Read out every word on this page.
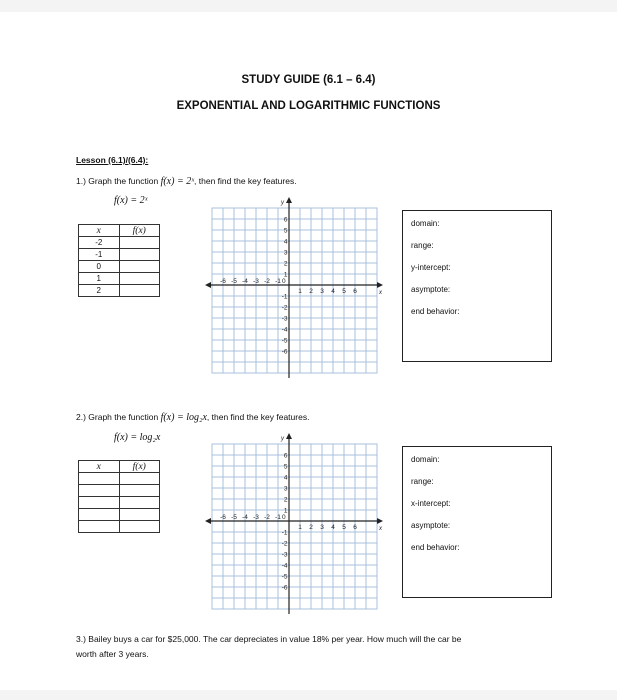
STUDY GUIDE (6.1 – 6.4)
EXPONENTIAL AND LOGARITHMIC FUNCTIONS
Lesson (6.1)/(6.4):
1.) Graph the function f(x) = 2ˣ, then find the key features.
f(x) = 2ˣ
x	f(x)
-2	
-1	
0	
1	
2	
y
x
0
-6 -5 -4 -3 -2 -1
1 2 3 4 5 6
6
5
4
3
2
1
-1
-2
-3
-4
-5
-6
domain:
range:
y-intercept:
asymptote:
end behavior:
2.) Graph the function f(x) = log₂x, then find the key features.
f(x) = log₂x
x	f(x)

y
x
0
-6 -5 -4 -3 -2 -1
1 2 3 4 5 6
6
5
4
3
2
1
-1
-2
-3
-4
-5
-6
domain:
range:
x-intercept:
asymptote:
end behavior:
3.) Bailey buys a car for $25,000. The car depreciates in value 18% per year. How much will the car be
worth after 3 years.
